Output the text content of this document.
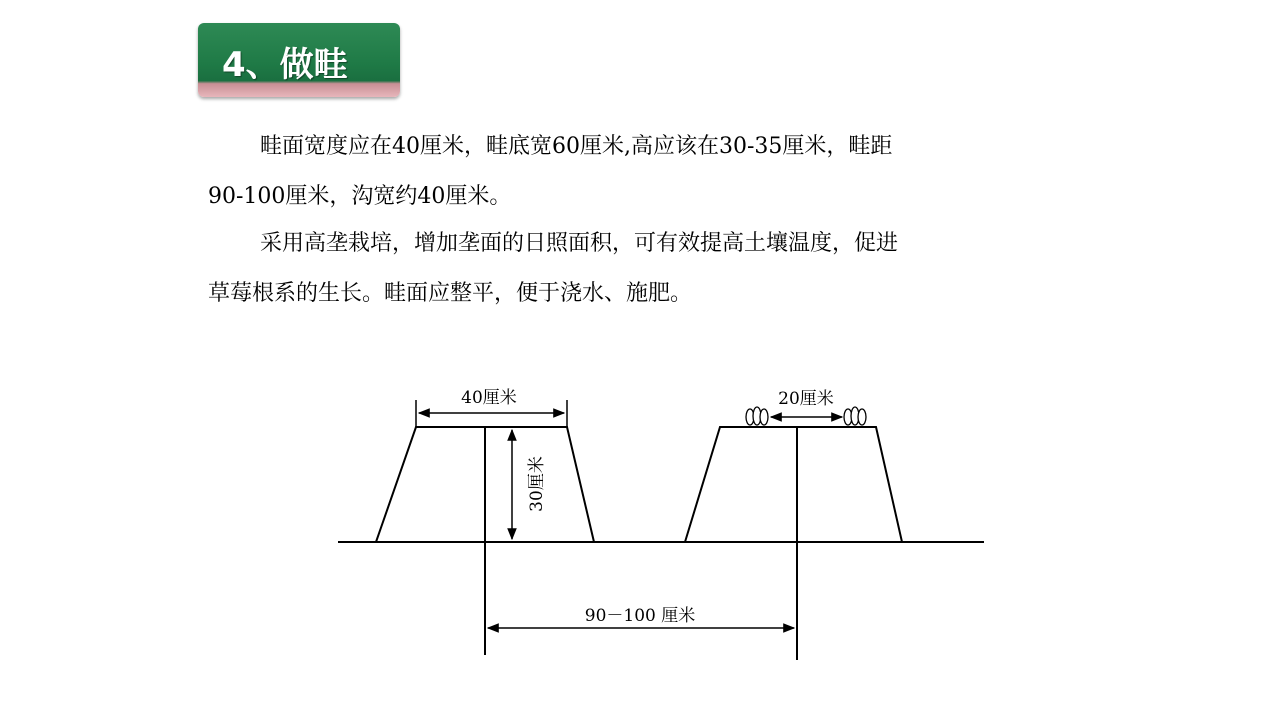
4、做畦
畦面宽度应在40厘米，畦底宽60厘米,高应该在30-35厘米，畦距
90-100厘米，沟宽约40厘米。
采用高垄栽培，增加垄面的日照面积，可有效提高土壤温度，促进
草莓根系的生长。畦面应整平，便于浇水、施肥。
40厘米	20厘米
30厘米
90－100 厘米
